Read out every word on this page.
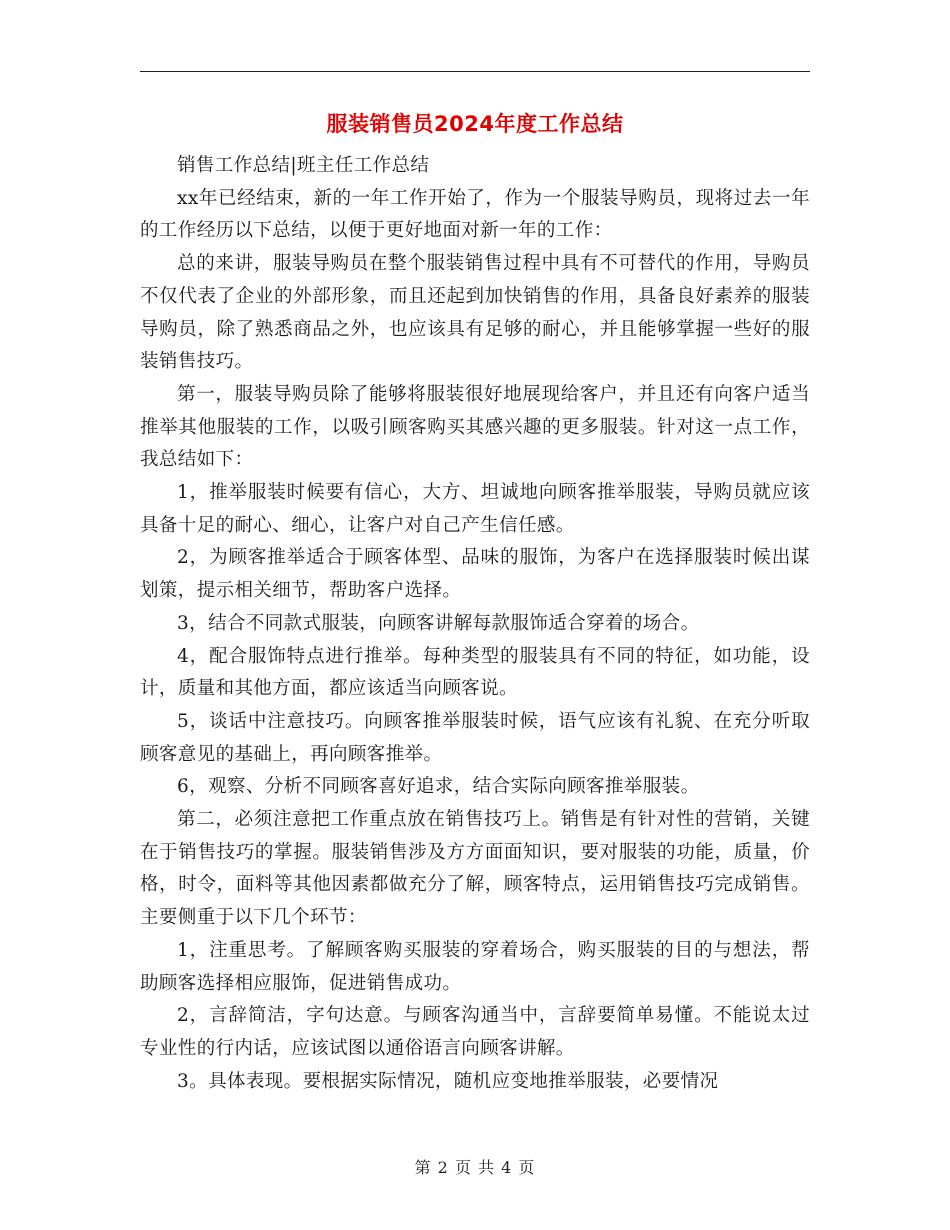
服装销售员2024年度工作总结

销售工作总结|班主任工作总结

xx年已经结束，新的一年工作开始了，作为一个服装导购员，现将过去一年的工作经历以下总结，以便于更好地面对新一年的工作：

总的来讲，服装导购员在整个服装销售过程中具有不可替代的作用，导购员不仅代表了企业的外部形象，而且还起到加快销售的作用，具备良好素养的服装导购员，除了熟悉商品之外，也应该具有足够的耐心，并且能够掌握一些好的服装销售技巧。

第一，服装导购员除了能够将服装很好地展现给客户，并且还有向客户适当推举其他服装的工作，以吸引顾客购买其感兴趣的更多服装。针对这一点工作，我总结如下：

1，推举服装时候要有信心，大方、坦诚地向顾客推举服装，导购员就应该具备十足的耐心、细心，让客户对自己产生信任感。

2，为顾客推举适合于顾客体型、品味的服饰，为客户在选择服装时候出谋划策，提示相关细节，帮助客户选择。

3，结合不同款式服装，向顾客讲解每款服饰适合穿着的场合。

4，配合服饰特点进行推举。每种类型的服装具有不同的特征，如功能，设计，质量和其他方面，都应该适当向顾客说。

5，谈话中注意技巧。向顾客推举服装时候，语气应该有礼貌、在充分听取顾客意见的基础上，再向顾客推举。

6，观察、分析不同顾客喜好追求，结合实际向顾客推举服装。

第二，必须注意把工作重点放在销售技巧上。销售是有针对性的营销，关键在于销售技巧的掌握。服装销售涉及方方面面知识，要对服装的功能，质量，价格，时令，面料等其他因素都做充分了解，顾客特点，运用销售技巧完成销售。主要侧重于以下几个环节：

1，注重思考。了解顾客购买服装的穿着场合，购买服装的目的与想法，帮助顾客选择相应服饰，促进销售成功。

2，言辞简洁，字句达意。与顾客沟通当中，言辞要简单易懂。不能说太过专业性的行内话，应该试图以通俗语言向顾客讲解。

3。具体表现。要根据实际情况，随机应变地推举服装，必要情况

第 2 页 共 4 页
